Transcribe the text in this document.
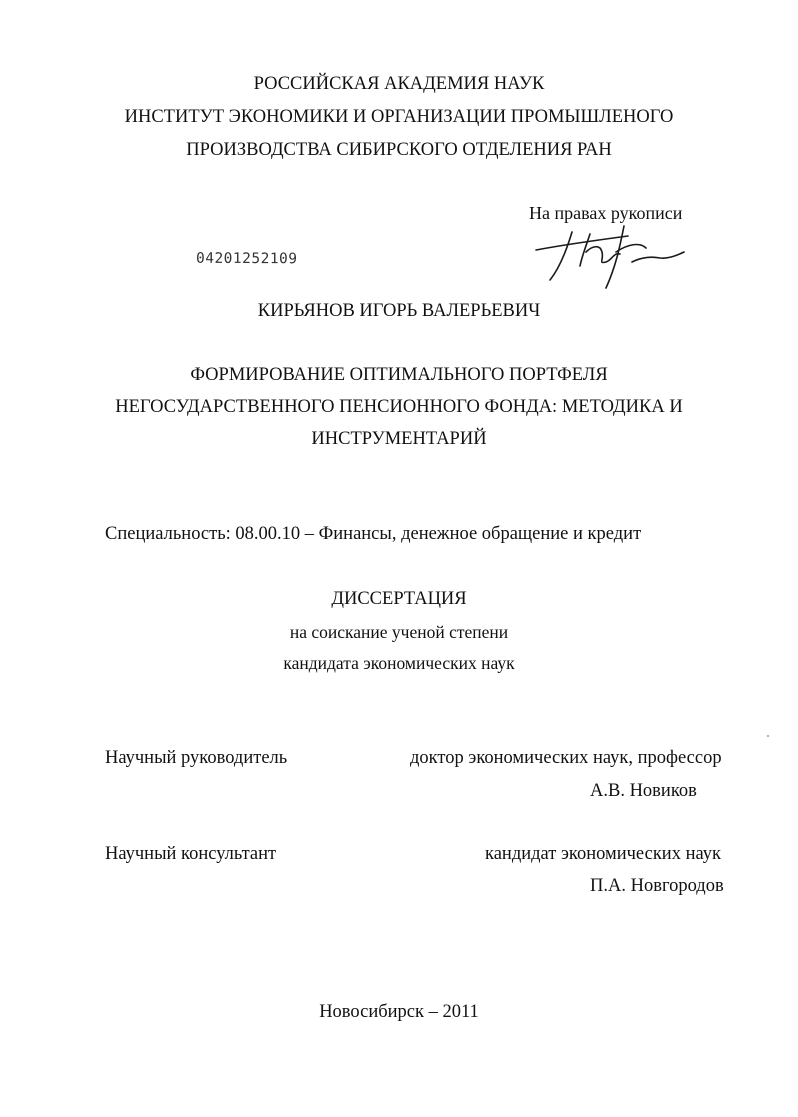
РОССИЙСКАЯ АКАДЕМИЯ НАУК
ИНСТИТУТ ЭКОНОМИКИ И ОРГАНИЗАЦИИ ПРОМЫШЛЕНОГО
ПРОИЗВОДСТВА СИБИРСКОГО ОТДЕЛЕНИЯ РАН
На правах рукописи
04201252109
КИРЬЯНОВ ИГОРЬ ВАЛЕРЬЕВИЧ
ФОРМИРОВАНИЕ ОПТИМАЛЬНОГО ПОРТФЕЛЯ
НЕГОСУДАРСТВЕННОГО ПЕНСИОННОГО ФОНДА: МЕТОДИКА И
ИНСТРУМЕНТАРИЙ
Специальность: 08.00.10 – Финансы, денежное обращение и кредит
ДИССЕРТАЦИЯ
на соискание ученой степени
кандидата экономических наук
Научный руководитель	доктор экономических наук, профессор
А.В. Новиков
Научный консультант	кандидат экономических наук
П.А. Новгородов
Новосибирск – 2011
